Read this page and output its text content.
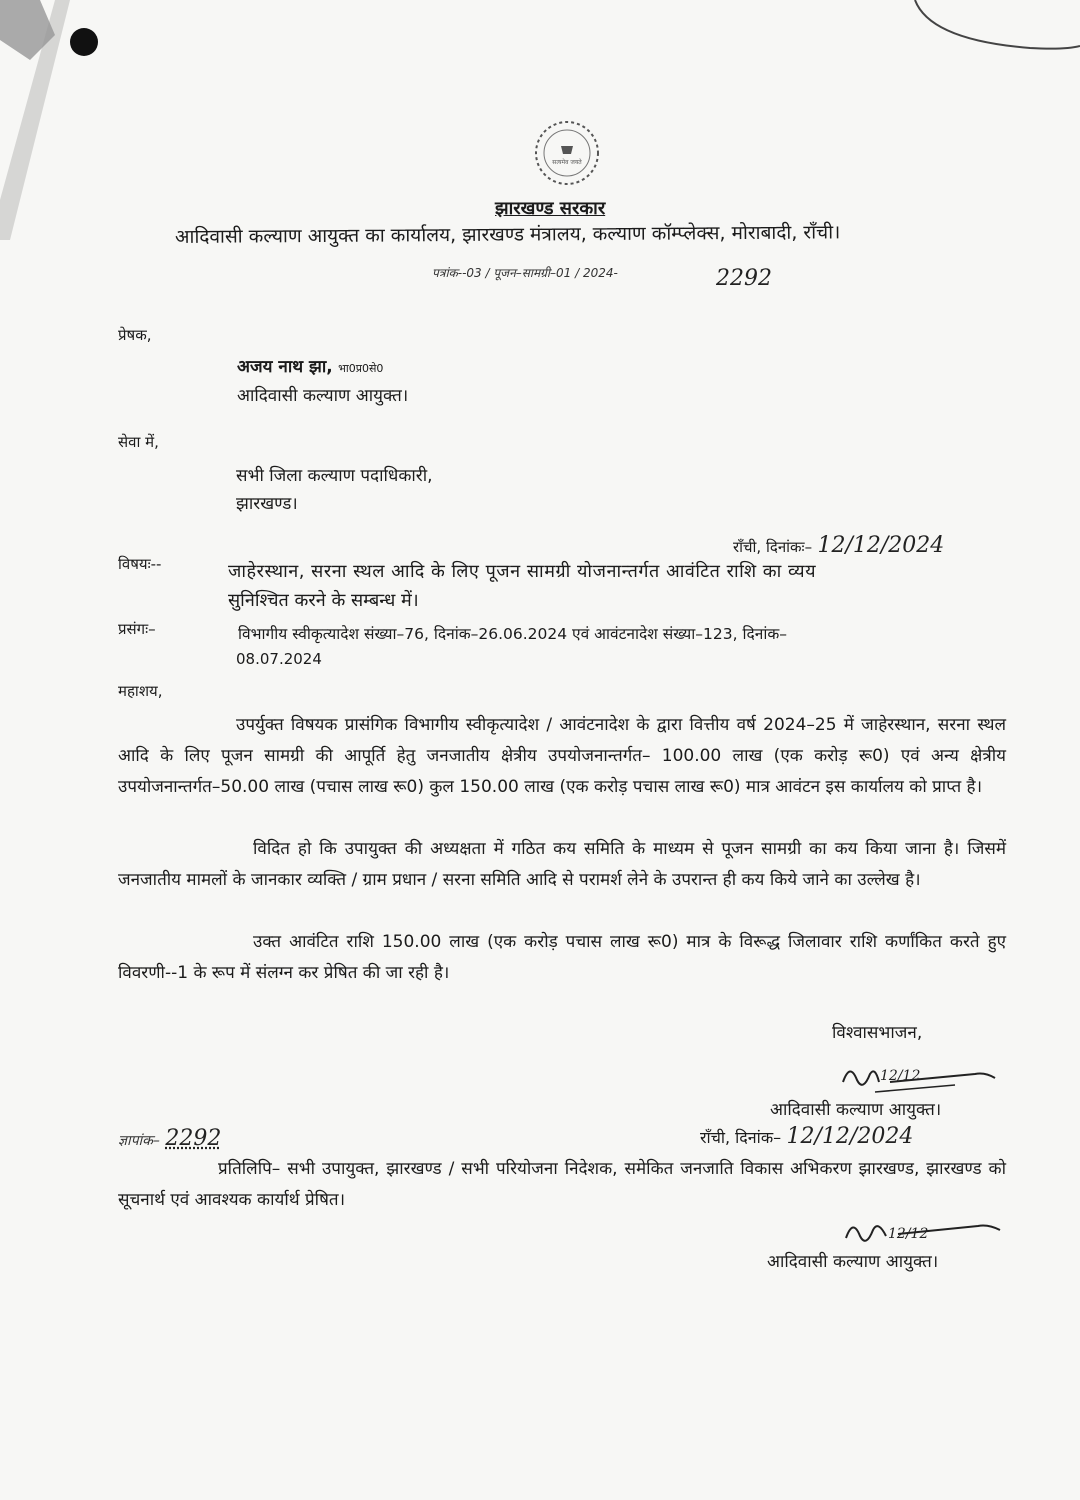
सत्यमेव जयते
झारखण्ड सरकार
आदिवासी कल्याण आयुक्त का कार्यालय, झारखण्ड मंत्रालय, कल्याण कॉम्प्लेक्स, मोराबादी, राँची।
पत्रांक--03 / पूजन–सामग्री–01 / 2024-	2292
प्रेषक,
अजय नाथ झा, भा0प्र0से0
आदिवासी कल्याण आयुक्त।
सेवा में,
सभी जिला कल्याण पदाधिकारी,
झारखण्ड।
राँची, दिनांकः– 12/12/2024
विषयः--	जाहेरस्थान, सरना स्थल आदि के लिए पूजन सामग्री योजनान्तर्गत आवंटित राशि का व्यय
सुनिश्चित करने के सम्बन्ध में।
प्रसंगः–	विभागीय स्वीकृत्यादेश संख्या–76, दिनांक–26.06.2024 एवं आवंटनादेश संख्या–123, दिनांक–
08.07.2024
महाशय,
उपर्युक्त विषयक प्रासंगिक विभागीय स्वीकृत्यादेश / आवंटनादेश के द्वारा वित्तीय वर्ष 2024–25 में जाहेरस्थान, सरना स्थल आदि के लिए पूजन सामग्री की आपूर्ति हेतु जनजातीय क्षेत्रीय उपयोजनान्तर्गत– 100.00 लाख (एक करोड़ रू0) एवं अन्य क्षेत्रीय उपयोजनान्तर्गत–50.00 लाख (पचास लाख रू0) कुल 150.00 लाख (एक करोड़ पचास लाख रू0) मात्र आवंटन इस कार्यालय को प्राप्त है।
विदित हो कि उपायुक्त की अध्यक्षता में गठित कय समिति के माध्यम से पूजन सामग्री का कय किया जाना है। जिसमें जनजातीय मामलों के जानकार व्यक्ति / ग्राम प्रधान / सरना समिति आदि से परामर्श लेने के उपरान्त ही कय किये जाने का उल्लेख है।
उक्त आवंटित राशि 150.00 लाख (एक करोड़ पचास लाख रू0) मात्र के विरूद्ध जिलावार राशि कर्णांकित करते हुए विवरणी--1 के रूप में संलग्न कर प्रेषित की जा रही है।
विश्वासभाजन,
12/12
आदिवासी कल्याण आयुक्त।
ज्ञापांक– 2292	राँची, दिनांक– 12/12/2024
प्रतिलिपि– सभी उपायुक्त, झारखण्ड / सभी परियोजना निदेशक, समेकित जनजाति विकास अभिकरण झारखण्ड, झारखण्ड को सूचनार्थ एवं आवश्यक कार्यार्थ प्रेषित।
12/12
आदिवासी कल्याण आयुक्त।
